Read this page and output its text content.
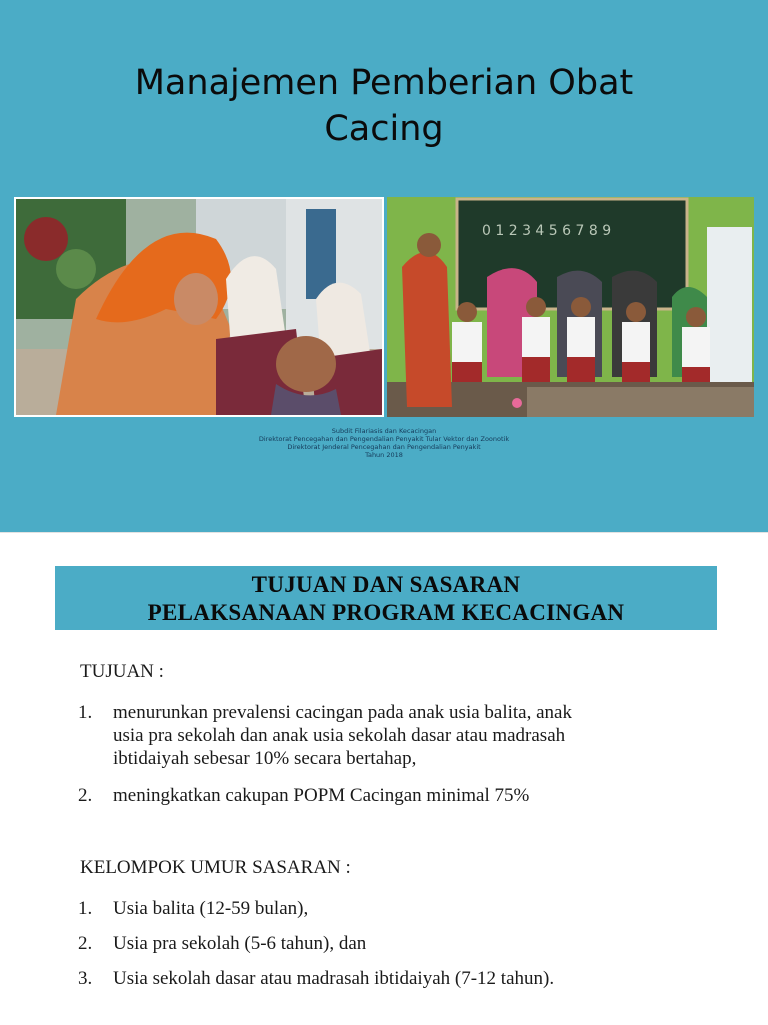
Manajemen Pemberian Obat
Cacing
0 1 2 3 4 5 6 7 8 9
Subdit Filariasis dan Kecacingan
Direktorat Pencegahan dan Pengendalian Penyakit Tular Vektor dan Zoonotik
Direktorat Jenderal Pencegahan dan Pengendalian Penyakit
Tahun 2018
TUJUAN DAN SASARAN
PELAKSANAAN PROGRAM KECACINGAN
TUJUAN :
1. menurunkan prevalensi cacingan pada anak usia balita, anak
usia pra sekolah dan anak usia sekolah dasar atau madrasah
ibtidaiyah sebesar 10% secara bertahap,
2. meningkatkan cakupan POPM Cacingan minimal 75%
KELOMPOK UMUR SASARAN :
1. Usia balita (12-59 bulan),
2. Usia pra sekolah (5-6 tahun), dan
3. Usia sekolah dasar atau madrasah ibtidaiyah (7-12 tahun).
